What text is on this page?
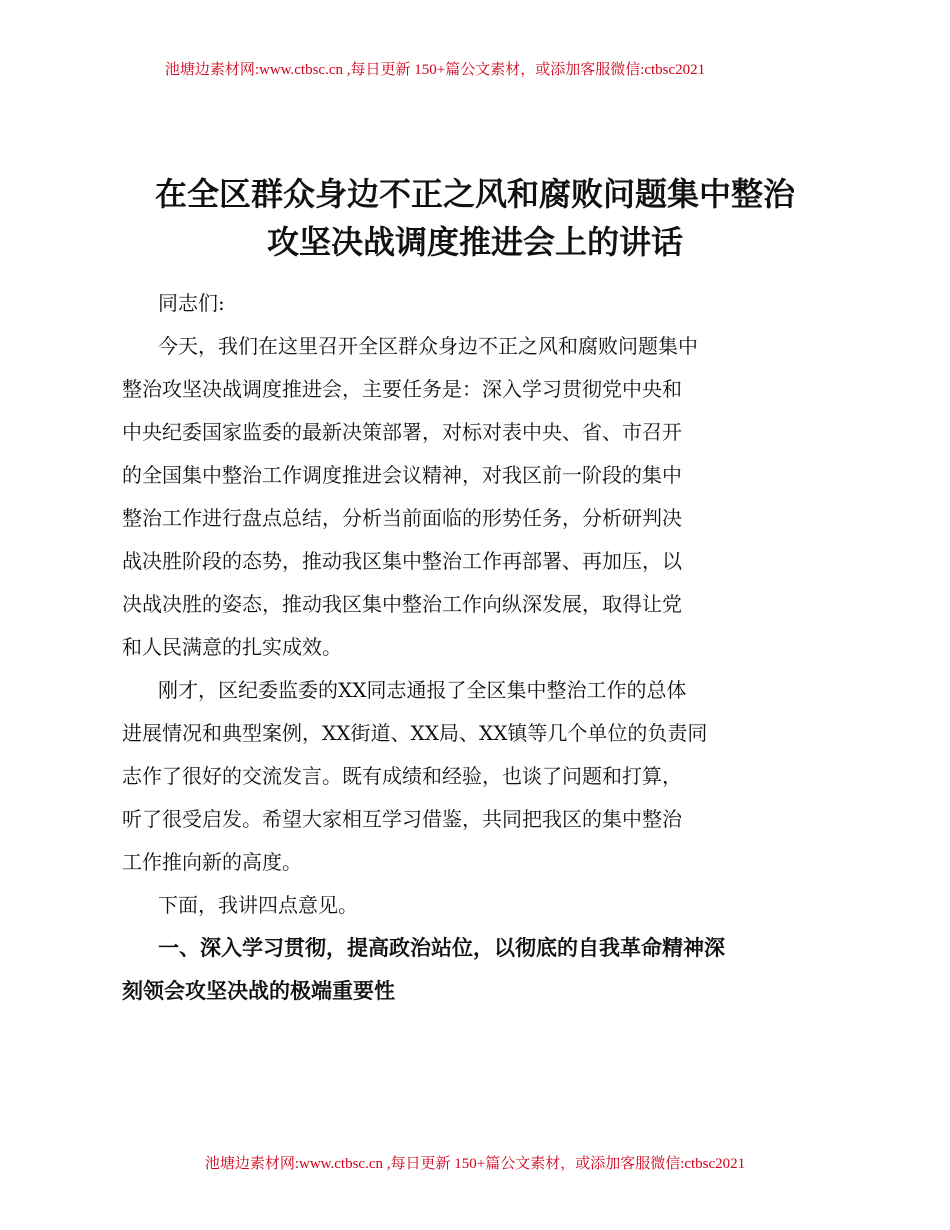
池塘边素材网:www.ctbsc.cn ,每日更新 150+篇公文素材，或添加客服微信:ctbsc2021
在全区群众身边不正之风和腐败问题集中整治
攻坚决战调度推进会上的讲话
同志们:
今天，我们在这里召开全区群众身边不正之风和腐败问题集中
整治攻坚决战调度推进会，主要任务是：深入学习贯彻党中央和
中央纪委国家监委的最新决策部署，对标对表中央、省、市召开
的全国集中整治工作调度推进会议精神，对我区前一阶段的集中
整治工作进行盘点总结，分析当前面临的形势任务，分析研判决
战决胜阶段的态势，推动我区集中整治工作再部署、再加压，以
决战决胜的姿态，推动我区集中整治工作向纵深发展，取得让党
和人民满意的扎实成效。
刚才，区纪委监委的XX同志通报了全区集中整治工作的总体
进展情况和典型案例，XX街道、XX局、XX镇等几个单位的负责同
志作了很好的交流发言。既有成绩和经验，也谈了问题和打算，
听了很受启发。希望大家相互学习借鉴，共同把我区的集中整治
工作推向新的高度。
下面，我讲四点意见。
一、深入学习贯彻，提高政治站位，以彻底的自我革命精神深
刻领会攻坚决战的极端重要性
池塘边素材网:www.ctbsc.cn ,每日更新 150+篇公文素材，或添加客服微信:ctbsc2021
